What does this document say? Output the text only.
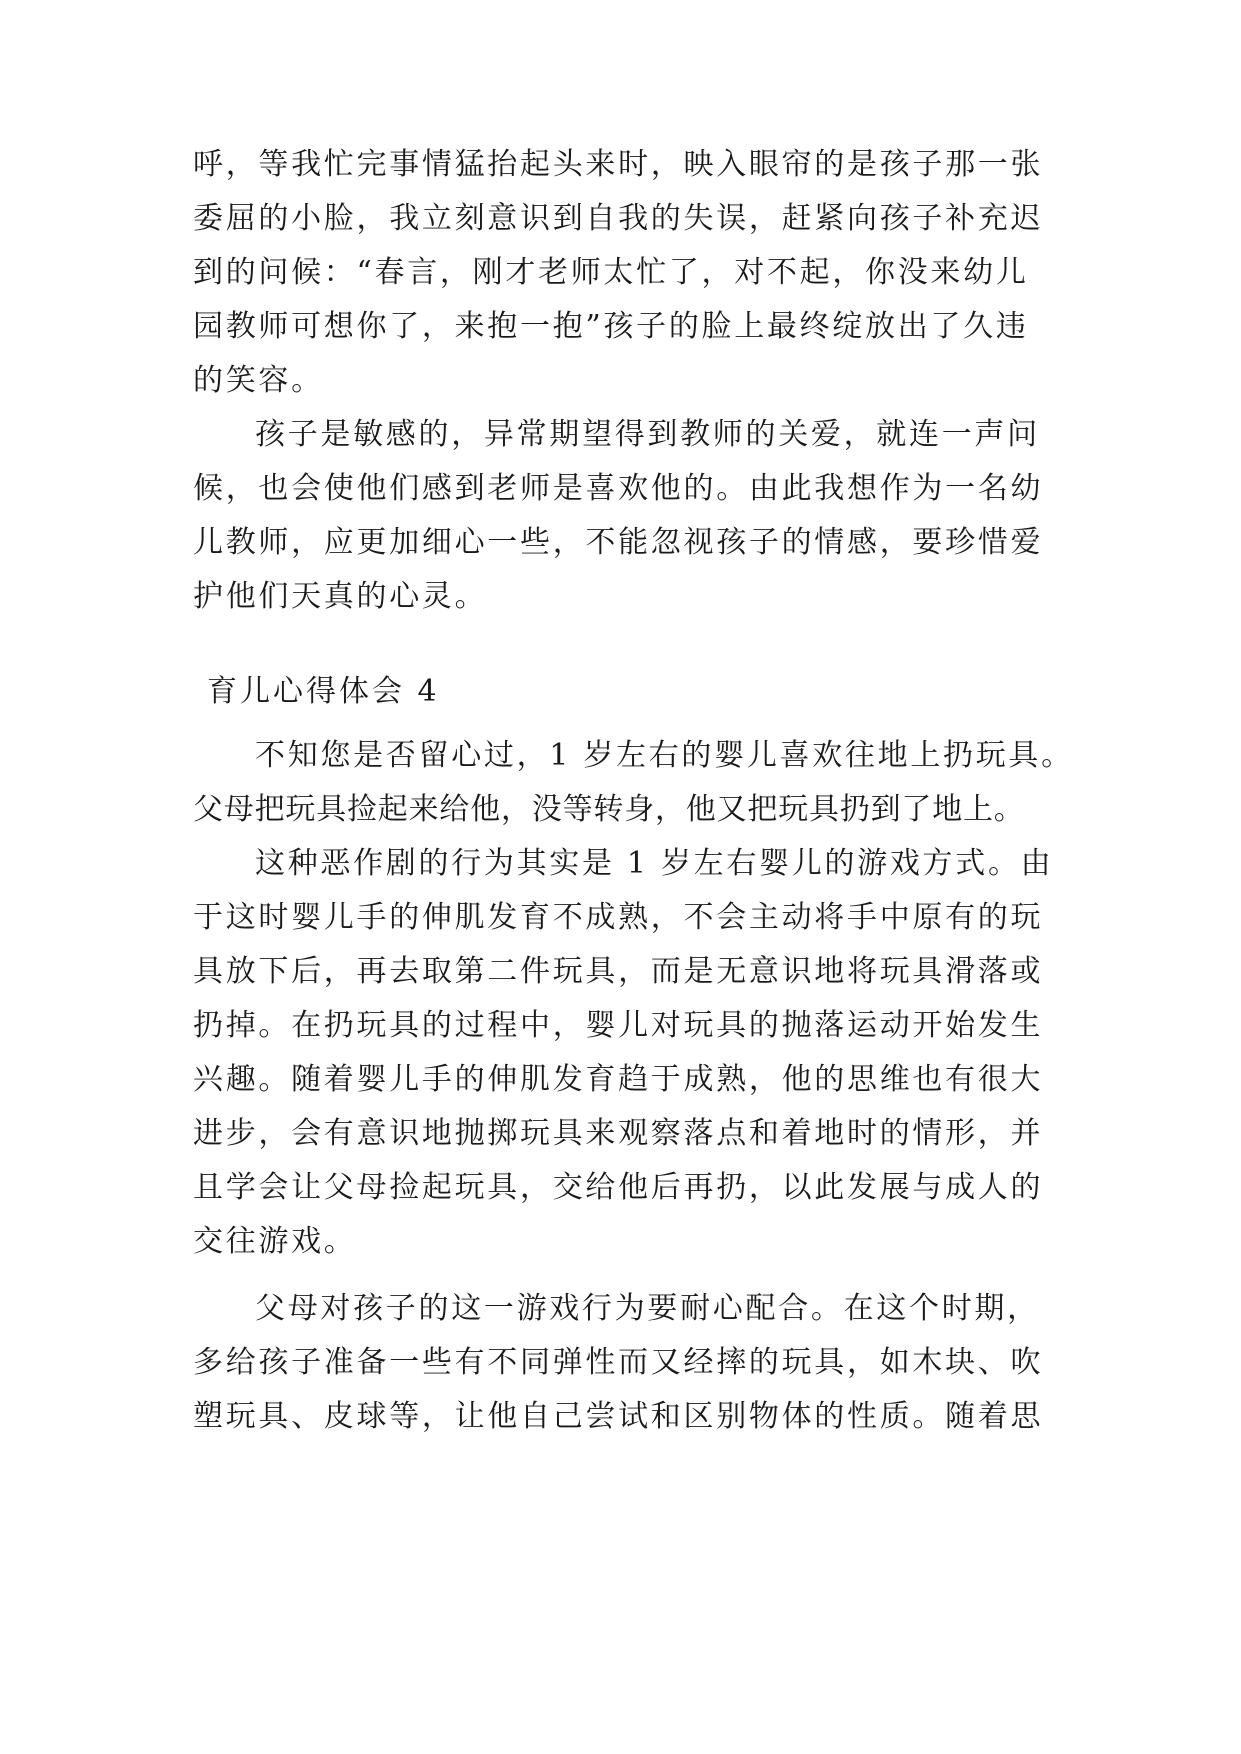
呼，等我忙完事情猛抬起头来时，映入眼帘的是孩子那一张

委屈的小脸，我立刻意识到自我的失误，赶紧向孩子补充迟

到的问候：“春言，刚才老师太忙了，对不起，你没来幼儿

园教师可想你了，来抱一抱”孩子的脸上最终绽放出了久违

的笑容。

孩子是敏感的，异常期望得到教师的关爱，就连一声问

候，也会使他们感到老师是喜欢他的。由此我想作为一名幼

儿教师，应更加细心一些，不能忽视孩子的情感，要珍惜爱

护他们天真的心灵。

育儿心得体会 4

不知您是否留心过，1 岁左右的婴儿喜欢往地上扔玩具。

父母把玩具捡起来给他，没等转身，他又把玩具扔到了地上。

这种恶作剧的行为其实是 1 岁左右婴儿的游戏方式。由

于这时婴儿手的伸肌发育不成熟，不会主动将手中原有的玩

具放下后，再去取第二件玩具，而是无意识地将玩具滑落或

扔掉。在扔玩具的过程中，婴儿对玩具的抛落运动开始发生

兴趣。随着婴儿手的伸肌发育趋于成熟，他的思维也有很大

进步，会有意识地抛掷玩具来观察落点和着地时的情形，并

且学会让父母捡起玩具，交给他后再扔，以此发展与成人的

交往游戏。

父母对孩子的这一游戏行为要耐心配合。在这个时期，

多给孩子准备一些有不同弹性而又经摔的玩具，如木块、吹

塑玩具、皮球等，让他自己尝试和区别物体的性质。随着思
